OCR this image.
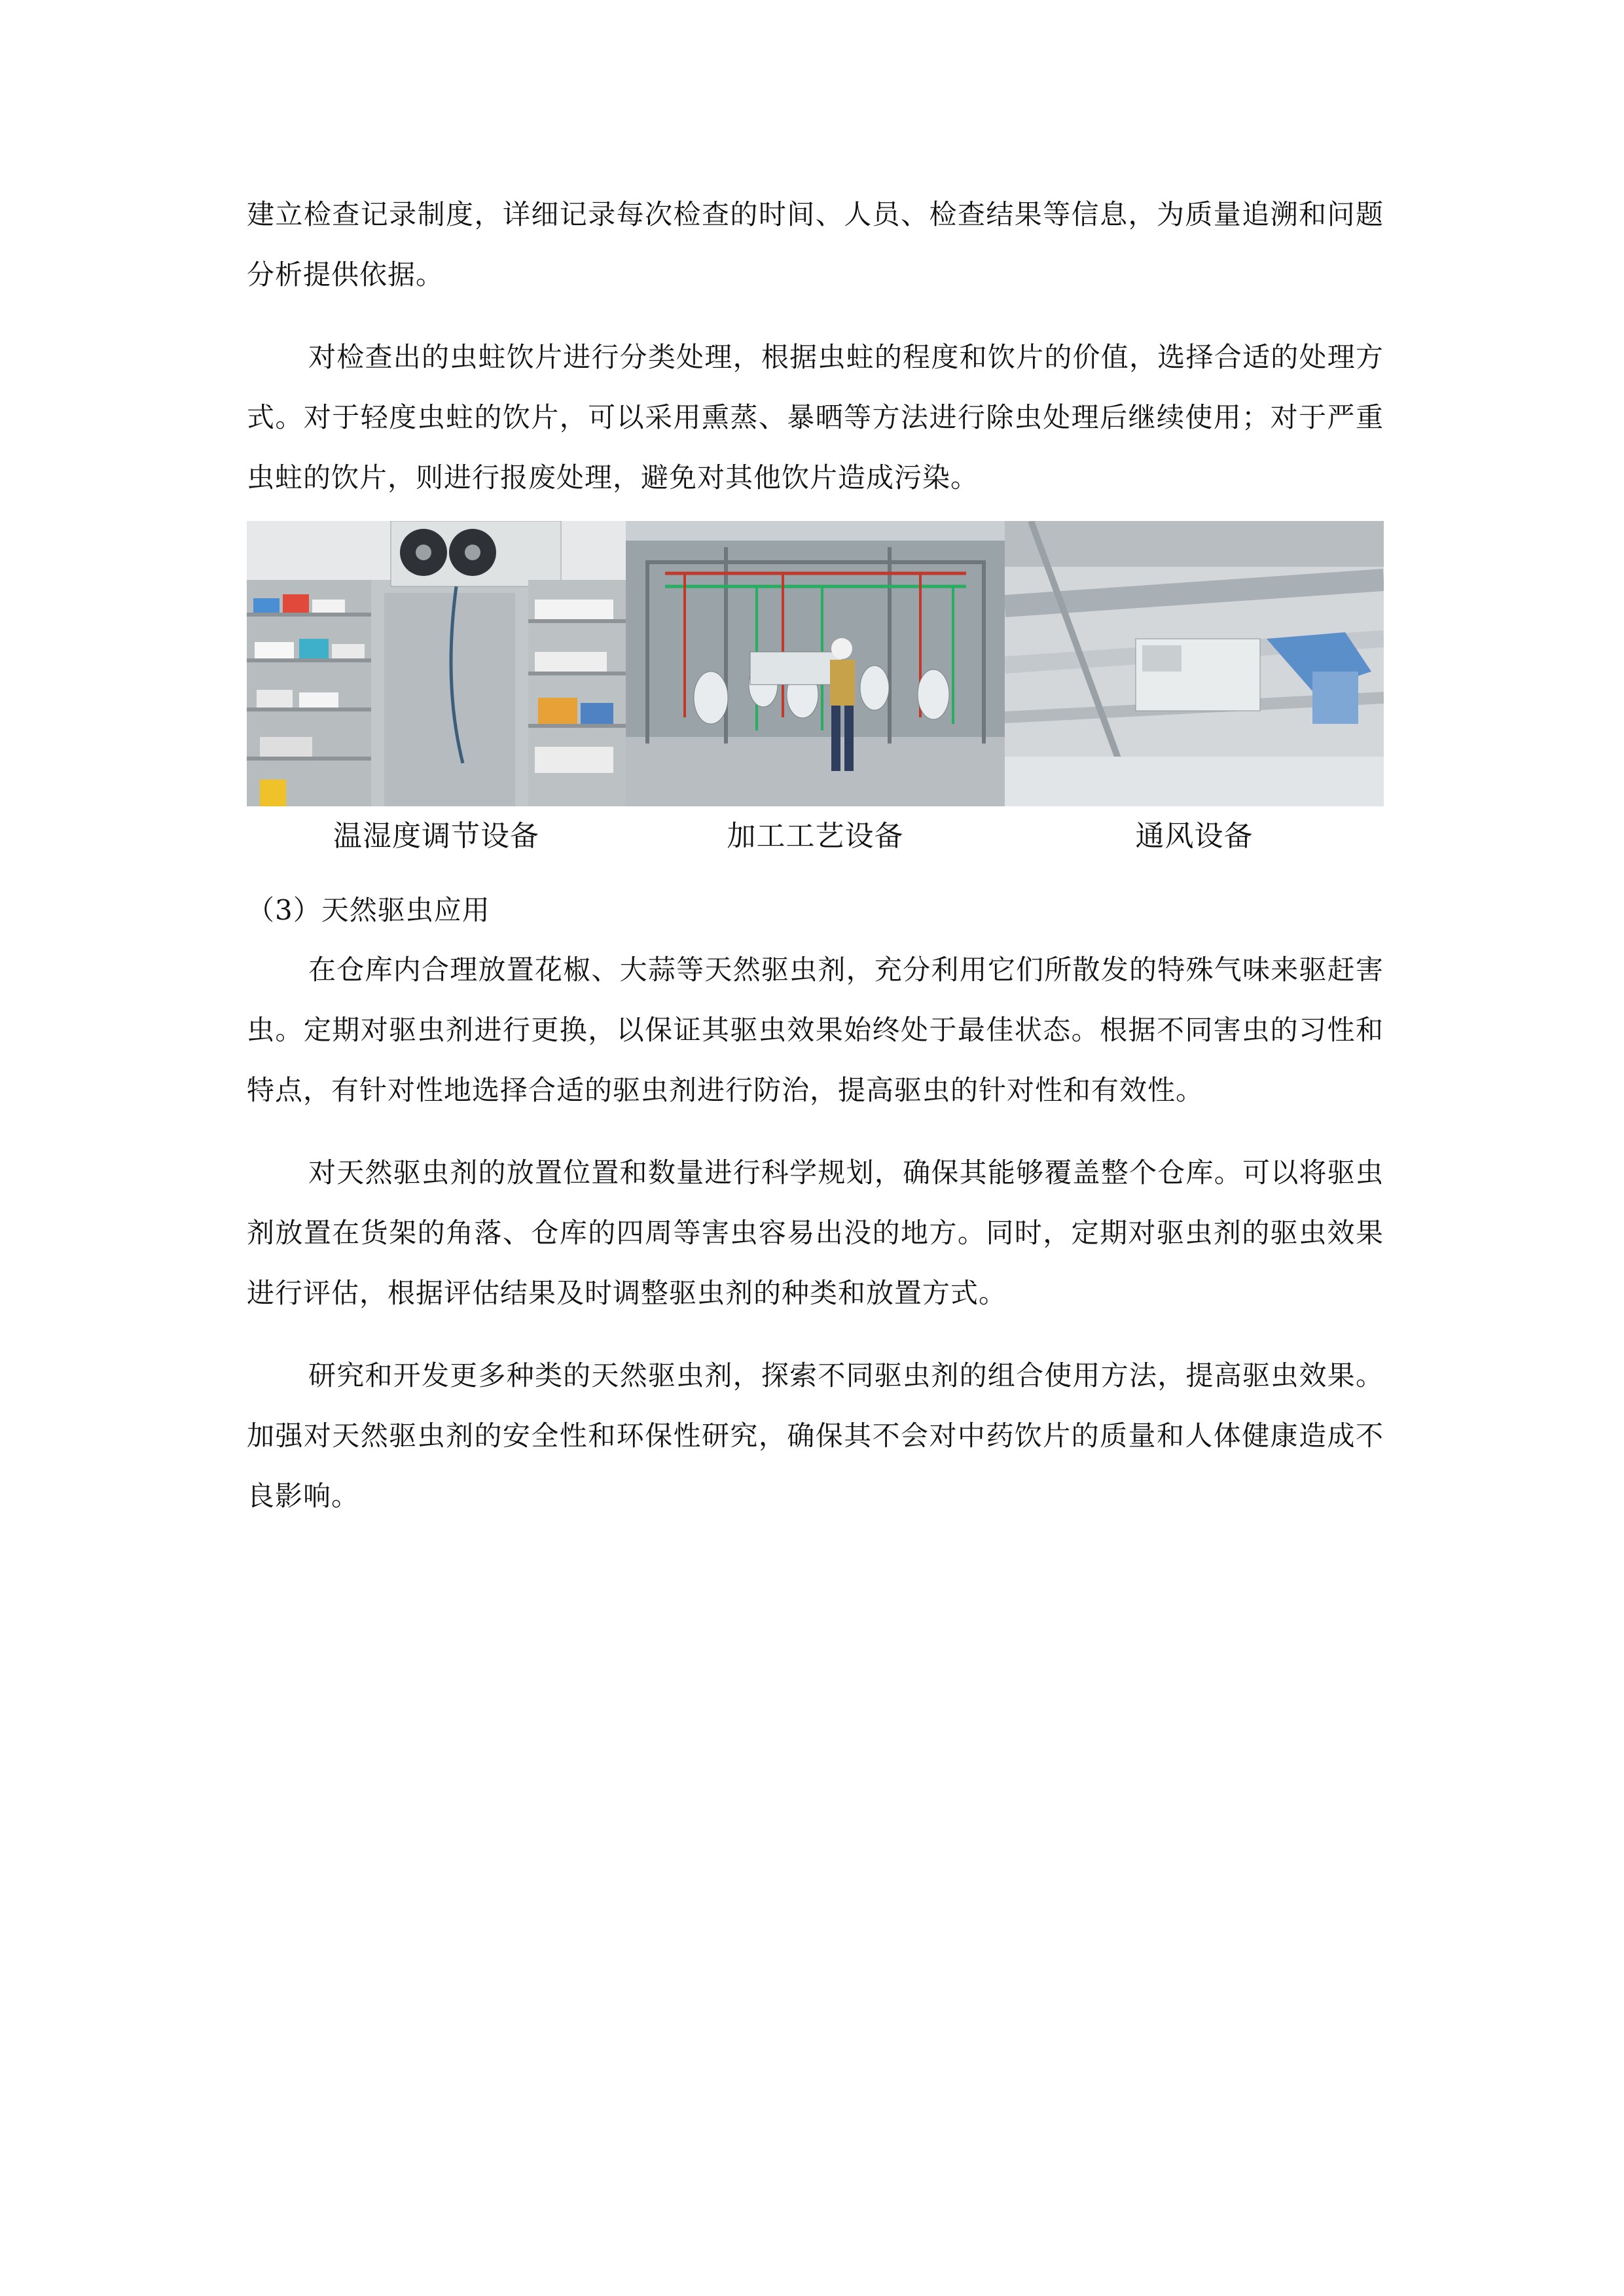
建立检查记录制度，详细记录每次检查的时间、人员、检查结果等信息，为质量追溯和问题分析提供依据。

对检查出的虫蛀饮片进行分类处理，根据虫蛀的程度和饮片的价值，选择合适的处理方式。对于轻度虫蛀的饮片，可以采用熏蒸、暴晒等方法进行除虫处理后继续使用；对于严重虫蛀的饮片，则进行报废处理，避免对其他饮片造成污染。

温湿度调节设备	加工工艺设备	通风设备
（3）天然驱虫应用

在仓库内合理放置花椒、大蒜等天然驱虫剂，充分利用它们所散发的特殊气味来驱赶害虫。定期对驱虫剂进行更换，以保证其驱虫效果始终处于最佳状态。根据不同害虫的习性和特点，有针对性地选择合适的驱虫剂进行防治，提高驱虫的针对性和有效性。

对天然驱虫剂的放置位置和数量进行科学规划，确保其能够覆盖整个仓库。可以将驱虫剂放置在货架的角落、仓库的四周等害虫容易出没的地方。同时，定期对驱虫剂的驱虫效果进行评估，根据评估结果及时调整驱虫剂的种类和放置方式。

研究和开发更多种类的天然驱虫剂，探索不同驱虫剂的组合使用方法，提高驱虫效果。加强对天然驱虫剂的安全性和环保性研究，确保其不会对中药饮片的质量和人体健康造成不良影响。
